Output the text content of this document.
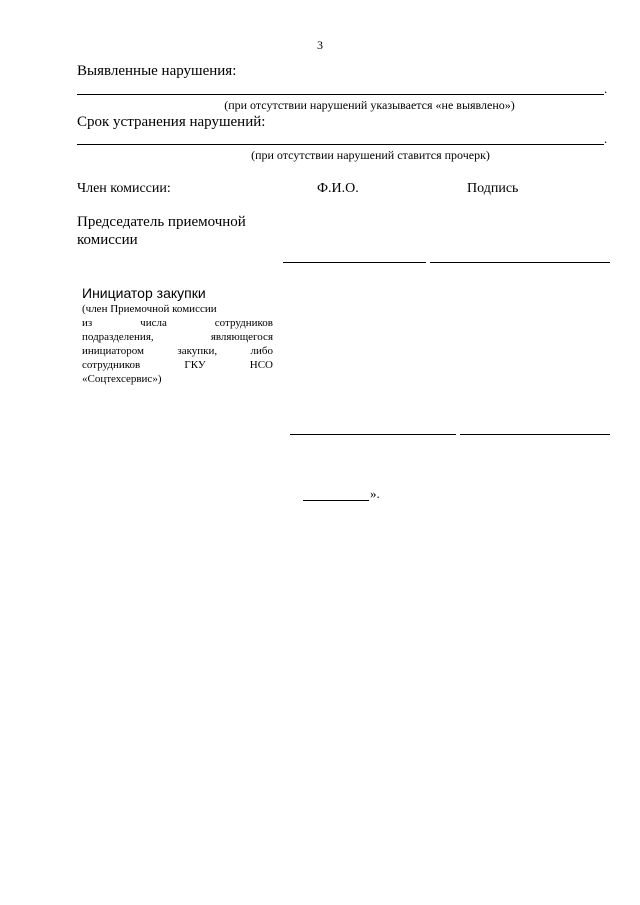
3
Выявленные нарушения:
.
(при отсутствии нарушений указывается «не выявлено»)
Срок устранения нарушений:
.
(при отсутствии нарушений ставится прочерк)
Член комиссии:	Ф.И.О.	Подпись
Председатель приемочной
комиссии
Инициатор закупки
(член Приемочной комиссии
из числа сотрудников
подразделения, являющегося
инициатором закупки, либо
сотрудников ГКУ НСО
«Соцтехсервис»)
».
